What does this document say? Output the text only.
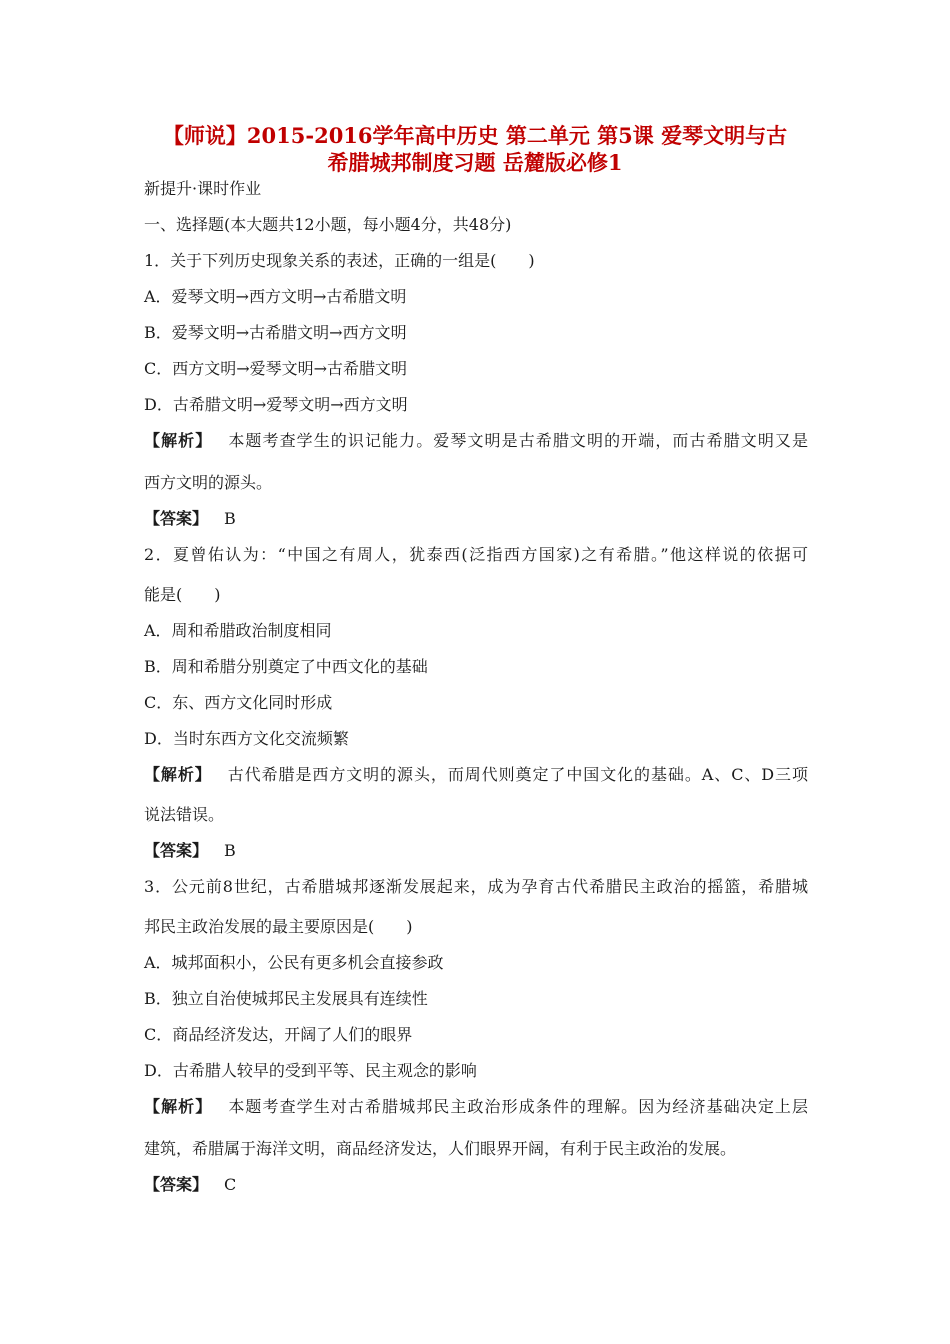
【师说】2015-2016学年高中历史 第二单元 第5课 爱琴文明与古
希腊城邦制度习题 岳麓版必修1

新提升·课时作业

一、选择题(本大题共12小题，每小题4分，共48分)

1．关于下列历史现象关系的表述，正确的一组是(　　)

A．爱琴文明→西方文明→古希腊文明

B．爱琴文明→古希腊文明→西方文明

C．西方文明→爱琴文明→古希腊文明

D．古希腊文明→爱琴文明→西方文明

【解析】 本题考查学生的识记能力。爱琴文明是古希腊文明的开端，而古希腊文明又是

西方文明的源头。

【答案】 B

2．夏曾佑认为：“中国之有周人，犹泰西(泛指西方国家)之有希腊。”他这样说的依据可

能是(　　)

A．周和希腊政治制度相同

B．周和希腊分别奠定了中西文化的基础

C．东、西方文化同时形成

D．当时东西方文化交流频繁

【解析】 古代希腊是西方文明的源头，而周代则奠定了中国文化的基础。A、C、D三项

说法错误。

【答案】 B

3．公元前8世纪，古希腊城邦逐渐发展起来，成为孕育古代希腊民主政治的摇篮，希腊城

邦民主政治发展的最主要原因是(　　)

A．城邦面积小，公民有更多机会直接参政

B．独立自治使城邦民主发展具有连续性

C．商品经济发达，开阔了人们的眼界

D．古希腊人较早的受到平等、民主观念的影响

【解析】 本题考查学生对古希腊城邦民主政治形成条件的理解。因为经济基础决定上层

建筑，希腊属于海洋文明，商品经济发达，人们眼界开阔，有利于民主政治的发展。

【答案】 C
